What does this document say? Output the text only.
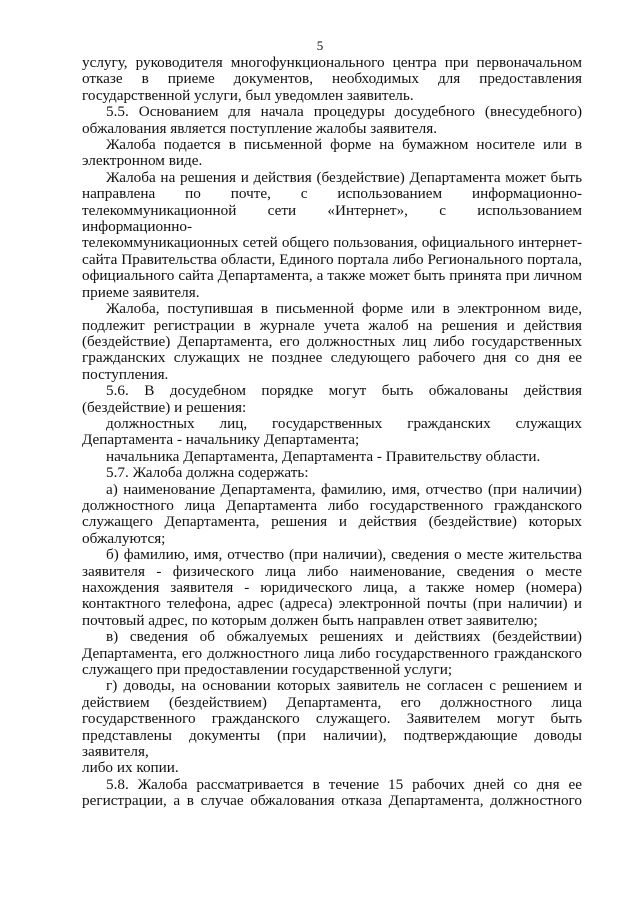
5
услугу, руководителя многофункционального центра при первоначальном
отказе в приеме документов, необходимых для предоставления
государственной услуги, был уведомлен заявитель.
5.5. Основанием для начала процедуры досудебного (внесудебного)
обжалования является поступление жалобы заявителя.
Жалоба подается в письменной форме на бумажном носителе или в
электронном виде.
Жалоба на решения и действия (бездействие) Департамента может быть
направлена по почте, с использованием информационно-
телекоммуникационной сети «Интернет», с использованием информационно-
телекоммуникационных сетей общего пользования, официального интернет-
сайта Правительства области, Единого портала либо Регионального портала,
официального сайта Департамента, а также может быть принята при личном
приеме заявителя.
Жалоба, поступившая в письменной форме или в электронном виде,
подлежит регистрации в журнале учета жалоб на решения и действия
(бездействие) Департамента, его должностных лиц либо государственных
гражданских служащих не позднее следующего рабочего дня со дня ее
поступления.
5.6. В досудебном порядке могут быть обжалованы действия
(бездействие) и решения:
должностных лиц, государственных гражданских служащих
Департамента - начальнику Департамента;
начальника Департамента, Департамента - Правительству области.
5.7. Жалоба должна содержать:
а) наименование Департамента, фамилию, имя, отчество (при наличии)
должностного лица Департамента либо государственного гражданского
служащего Департамента, решения и действия (бездействие) которых
обжалуются;
б) фамилию, имя, отчество (при наличии), сведения о месте жительства
заявителя - физического лица либо наименование, сведения о месте
нахождения заявителя - юридического лица, а также номер (номера)
контактного телефона, адрес (адреса) электронной почты (при наличии) и
почтовый адрес, по которым должен быть направлен ответ заявителю;
в) сведения об обжалуемых решениях и действиях (бездействии)
Департамента, его должностного лица либо государственного гражданского
служащего при предоставлении государственной услуги;
г) доводы, на основании которых заявитель не согласен с решением и
действием (бездействием) Департамента, его должностного лица
государственного гражданского служащего. Заявителем могут быть
представлены документы (при наличии), подтверждающие доводы заявителя,
либо их копии.
5.8. Жалоба рассматривается в течение 15 рабочих дней со дня ее
регистрации, а в случае обжалования отказа Департамента, должностного
